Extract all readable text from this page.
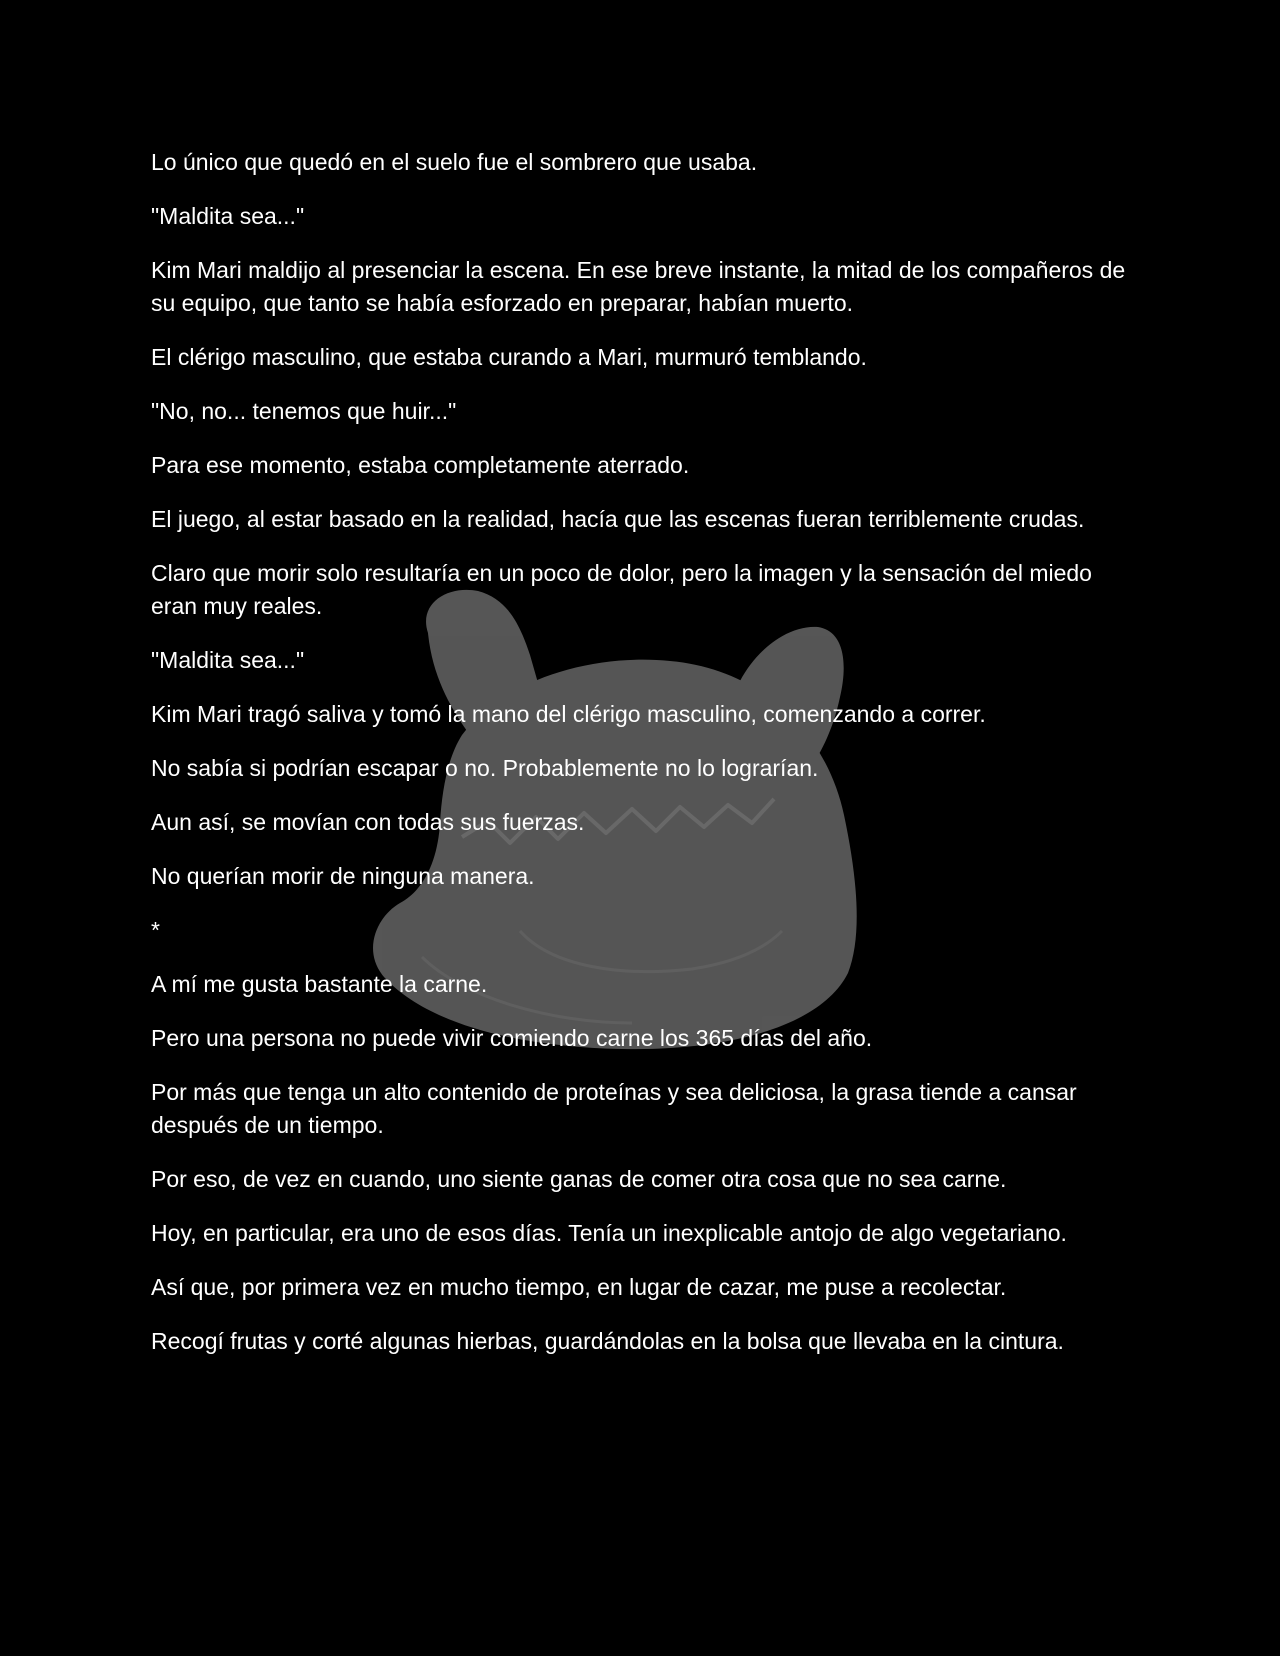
Lo único que quedó en el suelo fue el sombrero que usaba.

"Maldita sea..."

Kim Mari maldijo al presenciar la escena. En ese breve instante, la mitad de los compañeros de su equipo, que tanto se había esforzado en preparar, habían muerto.

El clérigo masculino, que estaba curando a Mari, murmuró temblando.

"No, no... tenemos que huir..."

Para ese momento, estaba completamente aterrado.

El juego, al estar basado en la realidad, hacía que las escenas fueran terriblemente crudas.

Claro que morir solo resultaría en un poco de dolor, pero la imagen y la sensación del miedo eran muy reales.

"Maldita sea..."

Kim Mari tragó saliva y tomó la mano del clérigo masculino, comenzando a correr.

No sabía si podrían escapar o no. Probablemente no lo lograrían.

Aun así, se movían con todas sus fuerzas.

No querían morir de ninguna manera.

*

A mí me gusta bastante la carne.

Pero una persona no puede vivir comiendo carne los 365 días del año.

Por más que tenga un alto contenido de proteínas y sea deliciosa, la grasa tiende a cansar después de un tiempo.

Por eso, de vez en cuando, uno siente ganas de comer otra cosa que no sea carne.

Hoy, en particular, era uno de esos días. Tenía un inexplicable antojo de algo vegetariano.

Así que, por primera vez en mucho tiempo, en lugar de cazar, me puse a recolectar.

Recogí frutas y corté algunas hierbas, guardándolas en la bolsa que llevaba en la cintura.
